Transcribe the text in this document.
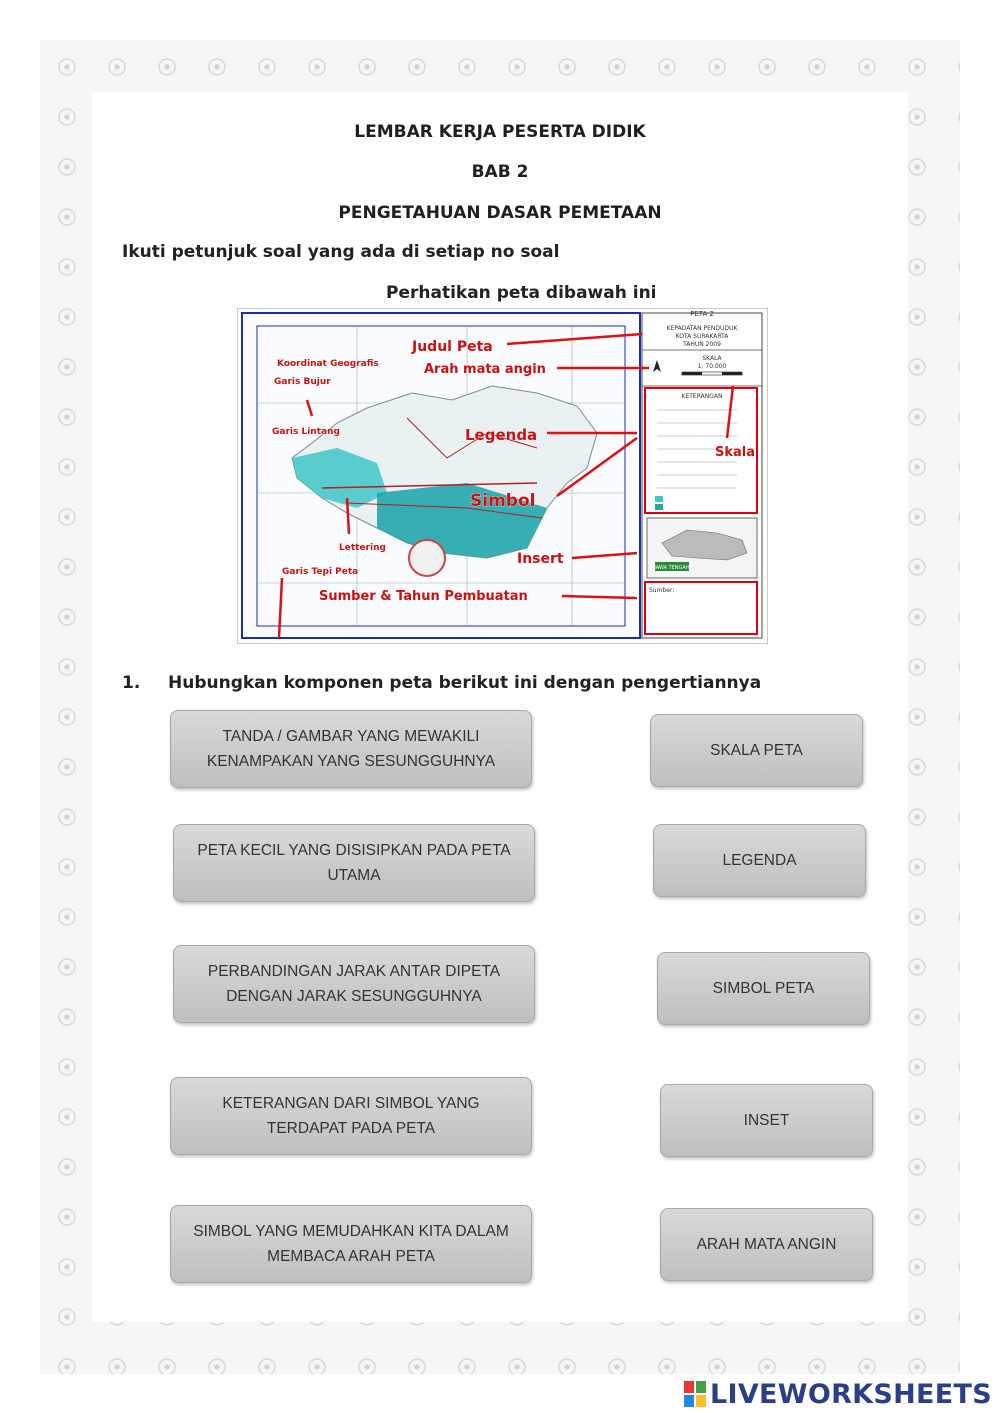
LEMBAR KERJA PESERTA DIDIK
BAB 2
PENGETAHUAN DASAR PEMETAAN
Ikuti petunjuk soal yang ada di setiap no soal
Perhatikan peta dibawah ini
PETA 2
KEPADATAN PENDUDUK
KOTA SURAKARTA
TAHUN 2009
SKALA
1: 70.000
KETERANGAN
JAWA TENGAH
Sumber:
Judul Peta
Arah mata angin
Koordinat Geografis
Garis Bujur
Garis Lintang	Legenda
Skala
Simbol
Lettering
Garis Tepi Peta
Insert
Sumber & Tahun Pembuatan
1. Hubungkan komponen peta berikut ini dengan pengertiannya
TANDA / GAMBAR YANG MEWAKILI KENAMPAKAN YANG SESUNGGUHNYA
PETA KECIL YANG DISISIPKAN PADA PETA UTAMA
PERBANDINGAN JARAK ANTAR DIPETA DENGAN JARAK SESUNGGUHNYA
KETERANGAN DARI SIMBOL YANG TERDAPAT PADA PETA
SIMBOL YANG MEMUDAHKAN KITA DALAM MEMBACA ARAH PETA
SKALA PETA
LEGENDA
SIMBOL PETA
INSET
ARAH MATA ANGIN
LIVEWORKSHEETS
